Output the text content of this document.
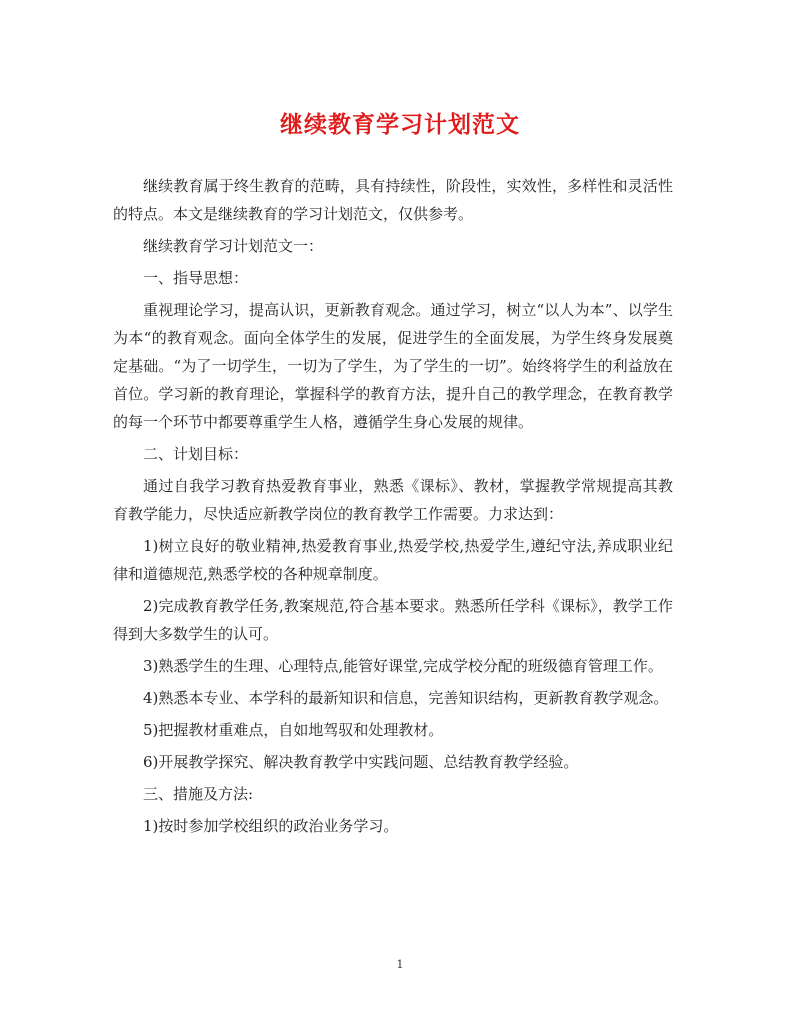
继续教育学习计划范文

继续教育属于终生教育的范畴，具有持续性，阶段性，实效性，多样性和灵活性的特点。本文是继续教育的学习计划范文，仅供参考。

继续教育学习计划范文一：

一、指导思想：

重视理论学习，提高认识，更新教育观念。通过学习，树立“以人为本”、以学生为本“的教育观念。面向全体学生的发展，促进学生的全面发展，为学生终身发展奠定基础。“为了一切学生，一切为了学生，为了学生的一切”。始终将学生的利益放在首位。学习新的教育理论，掌握科学的教育方法，提升自己的教学理念，在教育教学的每一个环节中都要尊重学生人格，遵循学生身心发展的规律。

二、计划目标：

通过自我学习教育热爱教育事业，熟悉《课标》、教材，掌握教学常规提高其教育教学能力，尽快适应新教学岗位的教育教学工作需要。力求达到：

1)树立良好的敬业精神,热爱教育事业,热爱学校,热爱学生,遵纪守法,养成职业纪律和道德规范,熟悉学校的各种规章制度。

2)完成教育教学任务,教案规范,符合基本要求。熟悉所任学科《课标》，教学工作得到大多数学生的认可。

3)熟悉学生的生理、心理特点,能管好课堂,完成学校分配的班级德育管理工作。

4)熟悉本专业、本学科的最新知识和信息，完善知识结构，更新教育教学观念。

5)把握教材重难点，自如地驾驭和处理教材。

6)开展教学探究、解决教育教学中实践问题、总结教育教学经验。

三、措施及方法:

1)按时参加学校组织的政治业务学习。

1
